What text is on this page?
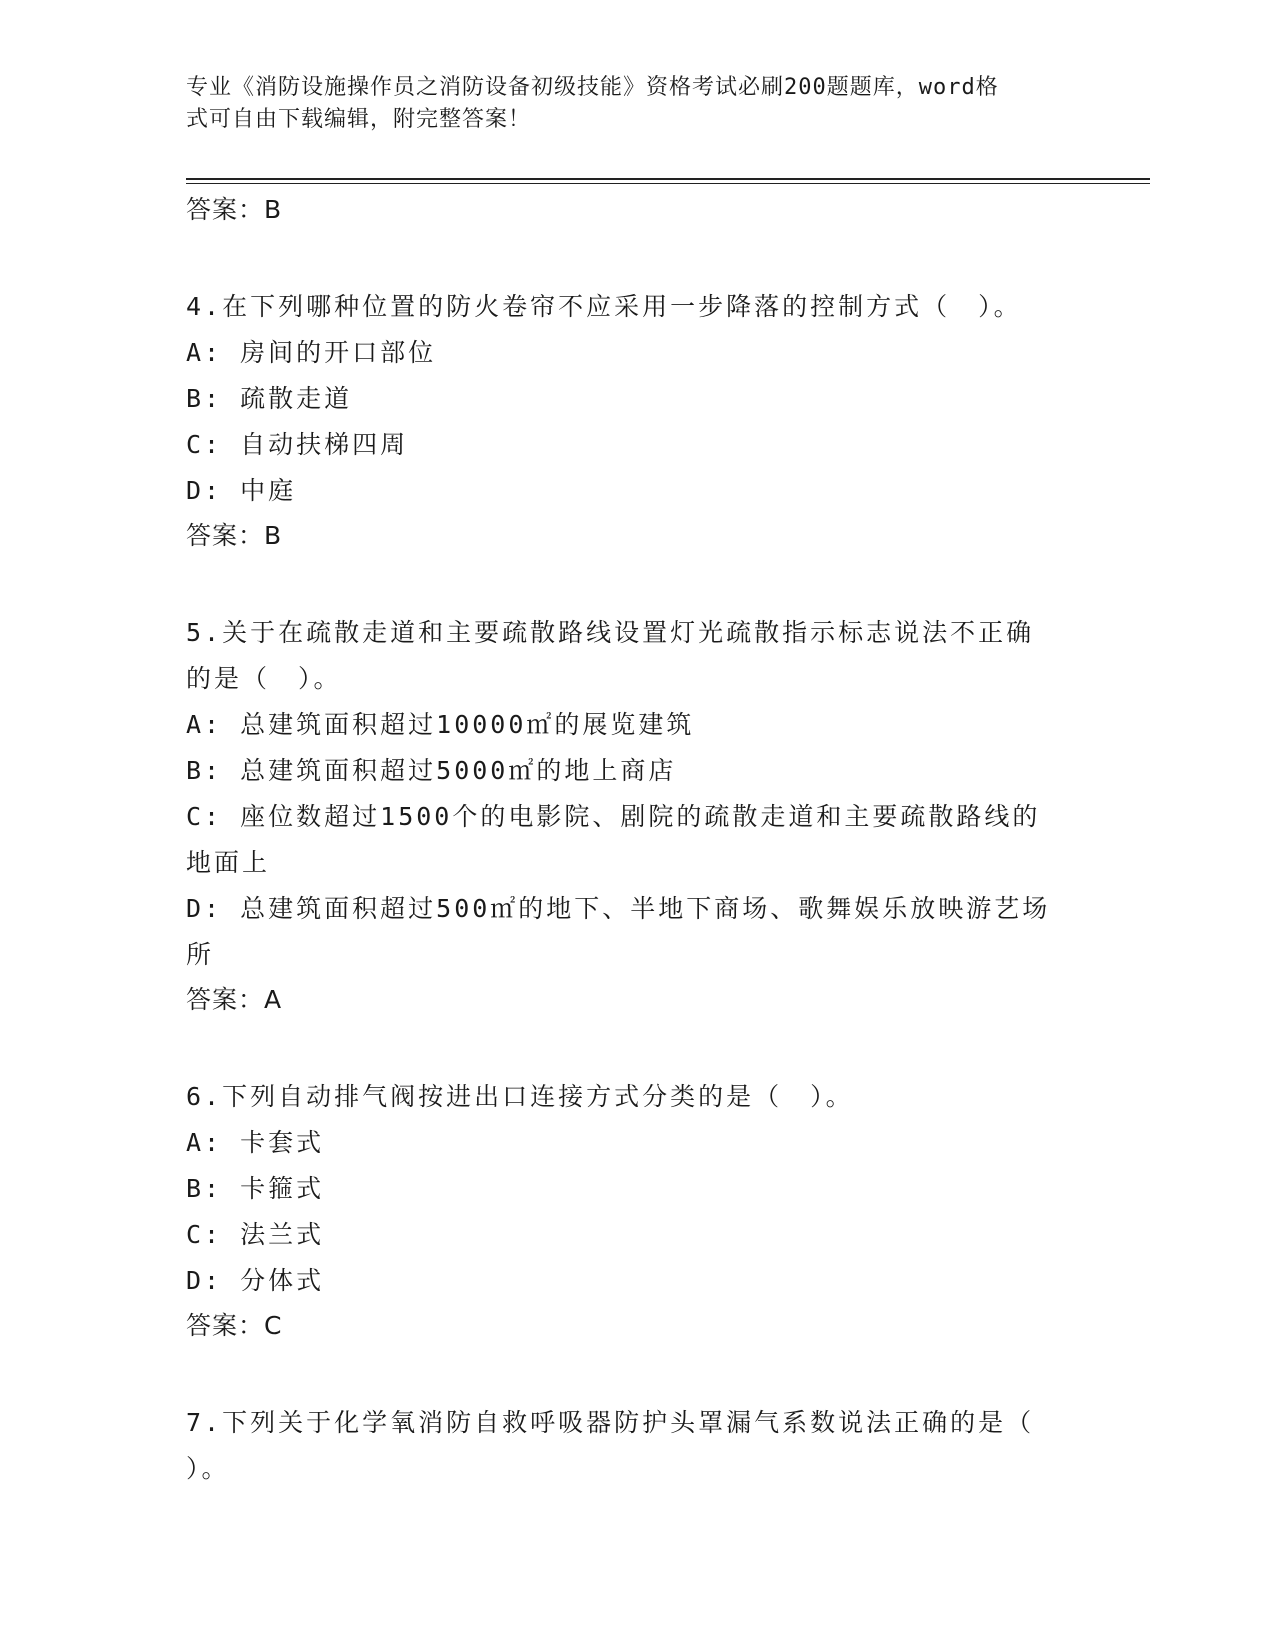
专业《消防设施操作员之消防设备初级技能》资格考试必刷200题题库，word格
式可自由下载编辑，附完整答案！
答案：B
4.在下列哪种位置的防火卷帘不应采用一步降落的控制方式（　）。
A: 房间的开口部位
B: 疏散走道
C: 自动扶梯四周
D: 中庭
答案：B
5.关于在疏散走道和主要疏散路线设置灯光疏散指示标志说法不正确
的是（　）。
A: 总建筑面积超过10000㎡的展览建筑
B: 总建筑面积超过5000㎡的地上商店
C: 座位数超过1500个的电影院、剧院的疏散走道和主要疏散路线的
地面上
D: 总建筑面积超过500㎡的地下、半地下商场、歌舞娱乐放映游艺场
所
答案：A
6.下列自动排气阀按进出口连接方式分类的是（　）。
A: 卡套式
B: 卡箍式
C: 法兰式
D: 分体式
答案：C
7.下列关于化学氧消防自救呼吸器防护头罩漏气系数说法正确的是（
）。
